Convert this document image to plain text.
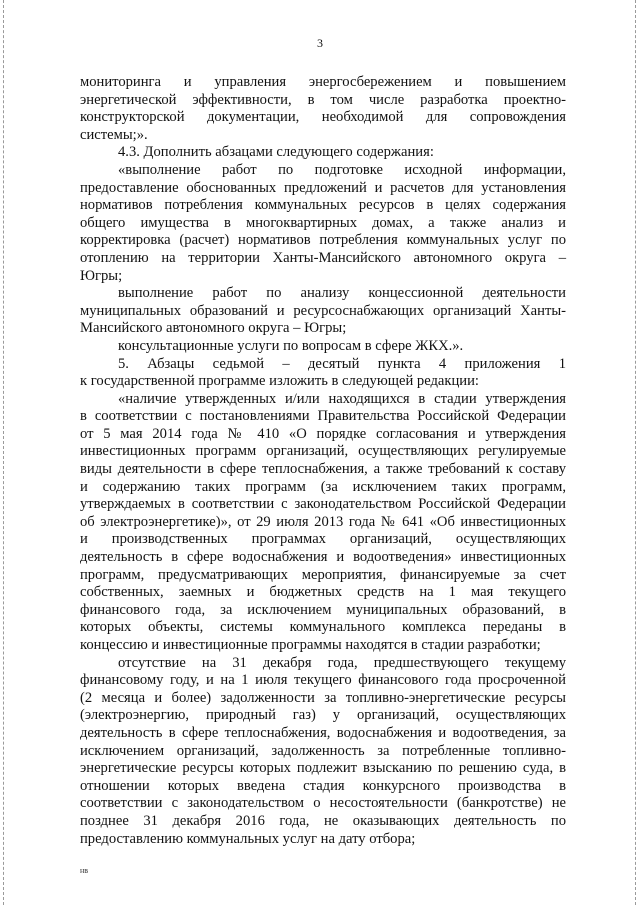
3

мониторинга и управления энергосбережением и повышением

энергетической эффективности, в том числе разработка проектно-

конструкторской документации, необходимой для сопровождения

системы;».

4.3. Дополнить абзацами следующего содержания:

«выполнение работ по подготовке исходной информации,

предоставление обоснованных предложений и расчетов для установления

нормативов потребления коммунальных ресурсов в целях содержания

общего имущества в многоквартирных домах, а также анализ и

корректировка (расчет) нормативов потребления коммунальных услуг по

отоплению на территории Ханты-Мансийского автономного округа –

Югры;

выполнение работ по анализу концессионной деятельности

муниципальных образований и ресурсоснабжающих организаций Ханты-

Мансийского автономного округа – Югры;

консультационные услуги по вопросам в сфере ЖКХ.».

5. Абзацы седьмой – десятый пункта 4 приложения 1

к государственной программе изложить в следующей редакции:

«наличие утвержденных и/или находящихся в стадии утверждения

в соответствии с постановлениями Правительства Российской Федерации

от 5 мая 2014 года № 410 «О порядке согласования и утверждения

инвестиционных программ организаций, осуществляющих регулируемые

виды деятельности в сфере теплоснабжения, а также требований к составу

и содержанию таких программ (за исключением таких программ,

утверждаемых в соответствии с законодательством Российской Федерации

об электроэнергетике)», от 29 июля 2013 года № 641 «Об инвестиционных

и производственных программах организаций, осуществляющих

деятельность в сфере водоснабжения и водоотведения» инвестиционных

программ, предусматривающих мероприятия, финансируемые за счет

собственных, заемных и бюджетных средств на 1 мая текущего

финансового года, за исключением муниципальных образований, в

которых объекты, системы коммунального комплекса переданы в

концессию и инвестиционные программы находятся в стадии разработки;

отсутствие на 31 декабря года, предшествующего текущему

финансовому году, и на 1 июля текущего финансового года просроченной

(2 месяца и более) задолженности за топливно-энергетические ресурсы

(электроэнергию, природный газ) у организаций, осуществляющих

деятельность в сфере теплоснабжения, водоснабжения и водоотведения, за

исключением организаций, задолженность за потребленные топливно-

энергетические ресурсы которых подлежит взысканию по решению суда, в

отношении которых введена стадия конкурсного производства в

соответствии с законодательством о несостоятельности (банкротстве) не

позднее 31 декабря 2016 года, не оказывающих деятельность по

предоставлению коммунальных услуг на дату отбора;

нв
